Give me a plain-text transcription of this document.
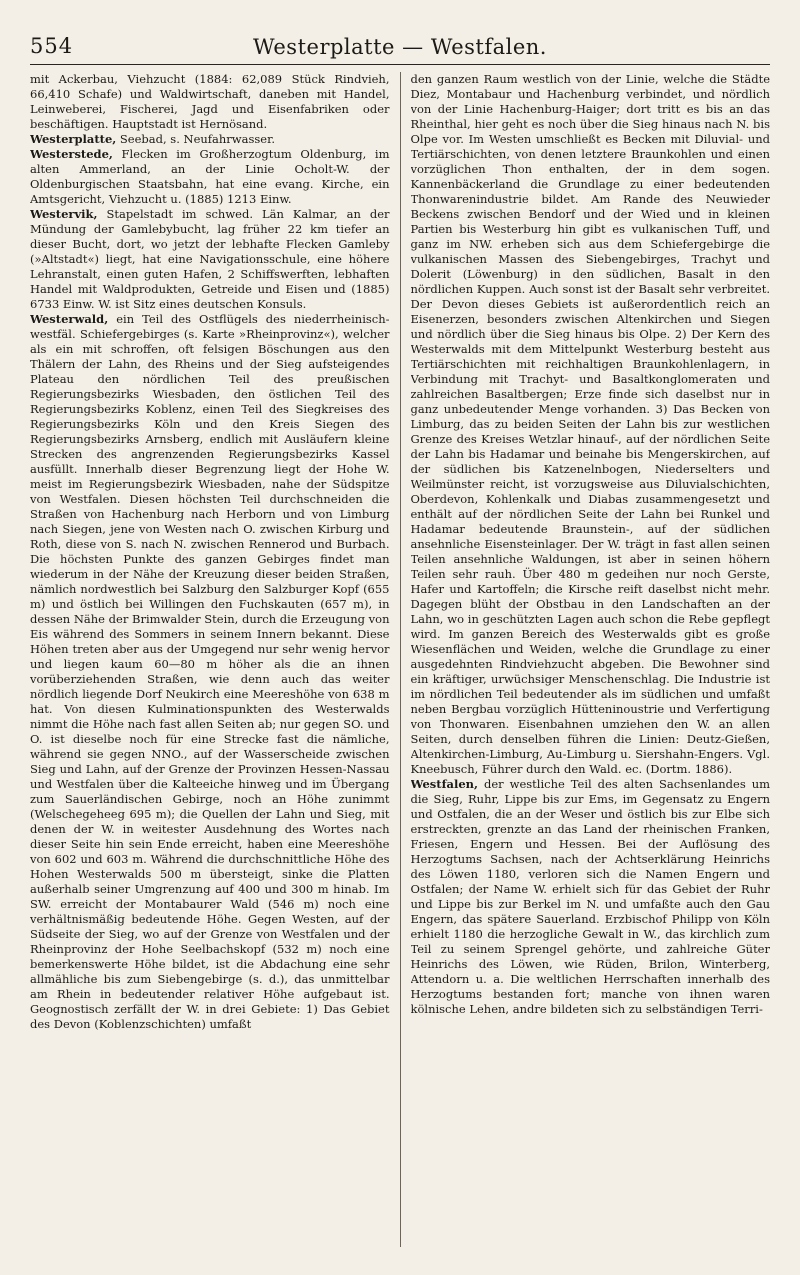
554	Westerplatte — Westfalen.

mit Ackerbau, Viehzucht (1884: 62,089 Stück Rindvieh, 66,410 Schafe) und Waldwirtschaft, daneben mit Handel, Leinweberei, Fischerei, Jagd und Eisenfabriken oder beschäftigen. Hauptstadt ist Hernösand.

Westerplatte, Seebad, s. Neufahrwasser.

Westerstede, Flecken im Großherzogtum Oldenburg, im alten Ammerland, an der Linie Ocholt-W. der Oldenburgischen Staatsbahn, hat eine evang. Kirche, ein Amtsgericht, Viehzucht u. (1885) 1213 Einw.

Westervik, Stapelstadt im schwed. Län Kalmar, an der Mündung der Gamlebybucht, lag früher 22 km tiefer an dieser Bucht, dort, wo jetzt der lebhafte Flecken Gamleby (»Altstadt«) liegt, hat eine Navigationsschule, eine höhere Lehranstalt, einen guten Hafen, 2 Schiffswerften, lebhaften Handel mit Waldprodukten, Getreide und Eisen und (1885) 6733 Einw. W. ist Sitz eines deutschen Konsuls.

Westerwald, ein Teil des Ostflügels des niederrheinisch-westfäl. Schiefergebirges (s. Karte »Rheinprovinz«), welcher als ein mit schroffen, oft felsigen Böschungen aus den Thälern der Lahn, des Rheins und der Sieg aufsteigendes Plateau den nördlichen Teil des preußischen Regierungsbezirks Wiesbaden, den östlichen Teil des Regierungsbezirks Koblenz, einen Teil des Siegkreises des Regierungsbezirks Köln und den Kreis Siegen des Regierungsbezirks Arnsberg, endlich mit Ausläufern kleine Strecken des angrenzenden Regierungsbezirks Kassel ausfüllt. Innerhalb dieser Begrenzung liegt der Hohe W. meist im Regierungsbezirk Wiesbaden, nahe der Südspitze von Westfalen. Diesen höchsten Teil durchschneiden die Straßen von Hachenburg nach Herborn und von Limburg nach Siegen, jene von Westen nach O. zwischen Kirburg und Roth, diese von S. nach N. zwischen Rennerod und Burbach. Die höchsten Punkte des ganzen Gebirges findet man wiederum in der Nähe der Kreuzung dieser beiden Straßen, nämlich nordwestlich bei Salzburg den Salzburger Kopf (655 m) und östlich bei Willingen den Fuchskauten (657 m), in dessen Nähe der Brimwalder Stein, durch die Erzeugung von Eis während des Sommers in seinem Innern bekannt. Diese Höhen treten aber aus der Umgegend nur sehr wenig hervor und liegen kaum 60—80 m höher als die an ihnen vorüberziehenden Straßen, wie denn auch das weiter nördlich liegende Dorf Neukirch eine Meereshöhe von 638 m hat. Von diesen Kulminationspunkten des Westerwalds nimmt die Höhe nach fast allen Seiten ab; nur gegen SO. und O. ist dieselbe noch für eine Strecke fast die nämliche, während sie gegen NNO., auf der Wasserscheide zwischen Sieg und Lahn, auf der Grenze der Provinzen Hessen-Nassau und Westfalen über die Kalteeiche hinweg und im Übergang zum Sauerländischen Gebirge, noch an Höhe zunimmt (Welschegeheeg 695 m); die Quellen der Lahn und Sieg, mit denen der W. in weitester Ausdehnung des Wortes nach dieser Seite hin sein Ende erreicht, haben eine Meereshöhe von 602 und 603 m. Während die durchschnittliche Höhe des Hohen Westerwalds 500 m übersteigt, sinke die Platten außerhalb seiner Umgrenzung auf 400 und 300 m hinab. Im SW. erreicht der Montabaurer Wald (546 m) noch eine verhältnismäßig bedeutende Höhe. Gegen Westen, auf der Südseite der Sieg, wo auf der Grenze von Westfalen und der Rheinprovinz der Hohe Seelbachskopf (532 m) noch eine bemerkenswerte Höhe bildet, ist die Abdachung eine sehr allmähliche bis zum Siebengebirge (s. d.), das unmittelbar am Rhein in bedeutender relativer Höhe aufgebaut ist. Geognostisch zerfällt der W. in drei Gebiete: 1) Das Gebiet des Devon (Koblenzschichten) umfaßt

den ganzen Raum westlich von der Linie, welche die Städte Diez, Montabaur und Hachenburg verbindet, und nördlich von der Linie Hachenburg-Haiger; dort tritt es bis an das Rheinthal, hier geht es noch über die Sieg hinaus nach N. bis Olpe vor. Im Westen umschließt es Becken mit Diluvial- und Tertiärschichten, von denen letztere Braunkohlen und einen vorzüglichen Thon enthalten, der in dem sogen. Kannenbäckerland die Grundlage zu einer bedeutenden Thonwarenindustrie bildet. Am Rande des Neuwieder Beckens zwischen Bendorf und der Wied und in kleinen Partien bis Westerburg hin gibt es vulkanischen Tuff, und ganz im NW. erheben sich aus dem Schiefergebirge die vulkanischen Massen des Siebengebirges, Trachyt und Dolerit (Löwenburg) in den südlichen, Basalt in den nördlichen Kuppen. Auch sonst ist der Basalt sehr verbreitet. Der Devon dieses Gebiets ist außerordentlich reich an Eisenerzen, besonders zwischen Altenkirchen und Siegen und nördlich über die Sieg hinaus bis Olpe. 2) Der Kern des Westerwalds mit dem Mittelpunkt Westerburg besteht aus Tertiärschichten mit reichhaltigen Braunkohlenlagern, in Verbindung mit Trachyt- und Basaltkonglomeraten und zahlreichen Basaltbergen; Erze finde sich daselbst nur in ganz unbedeutender Menge vorhanden. 3) Das Becken von Limburg, das zu beiden Seiten der Lahn bis zur westlichen Grenze des Kreises Wetzlar hinauf-, auf der nördlichen Seite der Lahn bis Hadamar und beinahe bis Mengerskirchen, auf der südlichen bis Katzenelnbogen, Niederselters und Weilmünster reicht, ist vorzugsweise aus Diluvialschichten, Oberdevon, Kohlenkalk und Diabas zusammengesetzt und enthält auf der nördlichen Seite der Lahn bei Runkel und Hadamar bedeutende Braunstein-, auf der südlichen ansehnliche Eisensteinlager. Der W. trägt in fast allen seinen Teilen ansehnliche Waldungen, ist aber in seinen höhern Teilen sehr rauh. Über 480 m gedeihen nur noch Gerste, Hafer und Kartoffeln; die Kirsche reift daselbst nicht mehr. Dagegen blüht der Obstbau in den Landschaften an der Lahn, wo in geschützten Lagen auch schon die Rebe gepflegt wird. Im ganzen Bereich des Westerwalds gibt es große Wiesenflächen und Weiden, welche die Grundlage zu einer ausgedehnten Rindviehzucht abgeben. Die Bewohner sind ein kräftiger, urwüchsiger Menschenschlag. Die Industrie ist im nördlichen Teil bedeutender als im südlichen und umfaßt neben Bergbau vorzüglich Hütteninoustrie und Verfertigung von Thonwaren. Eisenbahnen umziehen den W. an allen Seiten, durch denselben führen die Linien: Deutz-Gießen, Altenkirchen-Limburg, Au-Limburg u. Siershahn-Engers. Vgl. Kneebusch, Führer durch den Wald. ec. (Dortm. 1886).

Westfalen, der westliche Teil des alten Sachsenlandes um die Sieg, Ruhr, Lippe bis zur Ems, im Gegensatz zu Engern und Ostfalen, die an der Weser und östlich bis zur Elbe sich erstreckten, grenzte an das Land der rheinischen Franken, Friesen, Engern und Hessen. Bei der Auflösung des Herzogtums Sachsen, nach der Achtserklärung Heinrichs des Löwen 1180, verloren sich die Namen Engern und Ostfalen; der Name W. erhielt sich für das Gebiet der Ruhr und Lippe bis zur Berkel im N. und umfaßte auch den Gau Engern, das spätere Sauerland. Erzbischof Philipp von Köln erhielt 1180 die herzogliche Gewalt in W., das kirchlich zum Teil zu seinem Sprengel gehörte, und zahlreiche Güter Heinrichs des Löwen, wie Rüden, Brilon, Winterberg, Attendorn u. a. Die weltlichen Herrschaften innerhalb des Herzogtums bestanden fort; manche von ihnen waren kölnische Lehen, andre bildeten sich zu selbständigen Terri-
